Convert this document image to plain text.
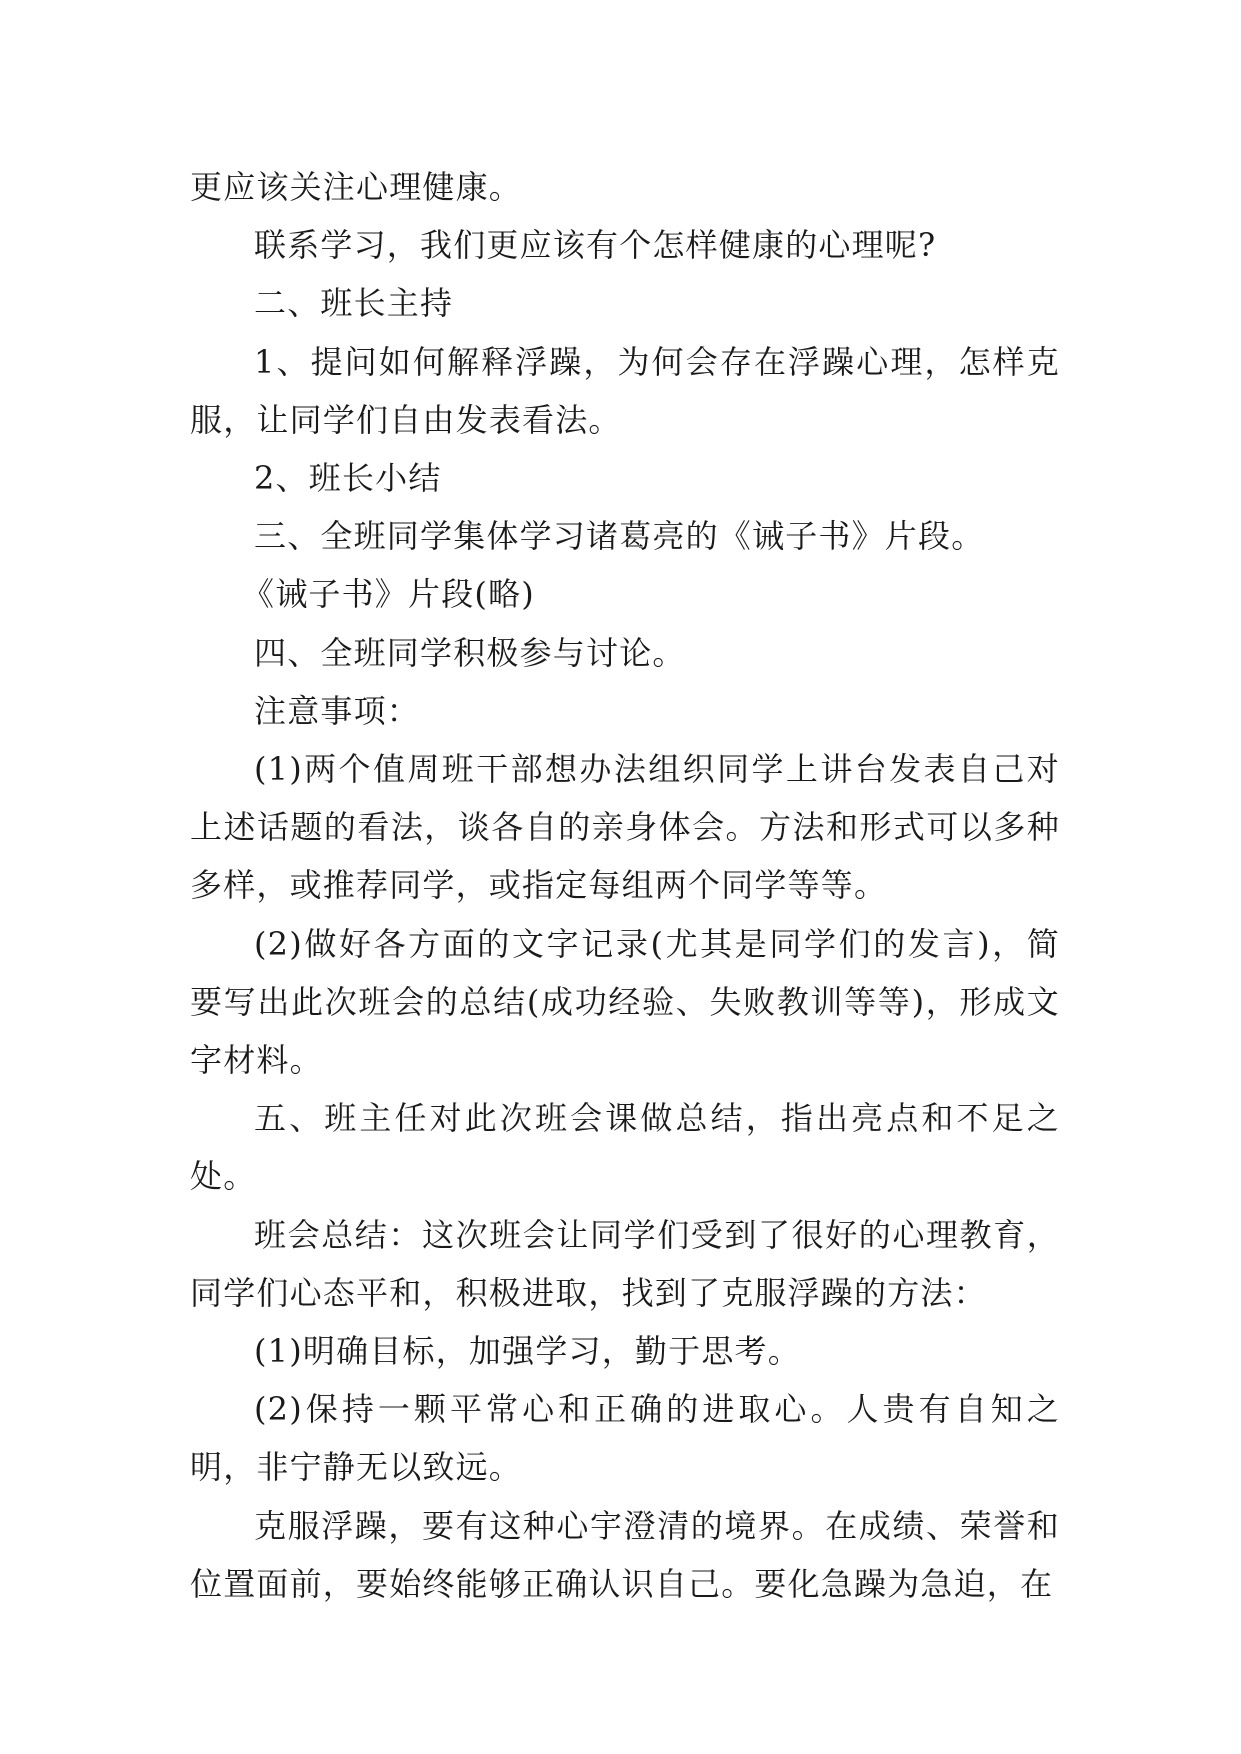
更应该关注心理健康。

联系学习，我们更应该有个怎样健康的心理呢?

二、班长主持

1、提问如何解释浮躁，为何会存在浮躁心理，怎样克服，让同学们自由发表看法。

2、班长小结

三、全班同学集体学习诸葛亮的《诫子书》片段。

《诫子书》片段(略)

四、全班同学积极参与讨论。

注意事项：

(1)两个值周班干部想办法组织同学上讲台发表自己对上述话题的看法，谈各自的亲身体会。方法和形式可以多种多样，或推荐同学，或指定每组两个同学等等。

(2)做好各方面的文字记录(尤其是同学们的发言)，简要写出此次班会的总结(成功经验、失败教训等等)，形成文字材料。

五、班主任对此次班会课做总结，指出亮点和不足之处。

班会总结：这次班会让同学们受到了很好的心理教育，同学们心态平和，积极进取，找到了克服浮躁的方法：

(1)明确目标，加强学习，勤于思考。

(2)保持一颗平常心和正确的进取心。人贵有自知之明，非宁静无以致远。

克服浮躁，要有这种心宇澄清的境界。在成绩、荣誉和位置面前，要始终能够正确认识自己。要化急躁为急迫，在
